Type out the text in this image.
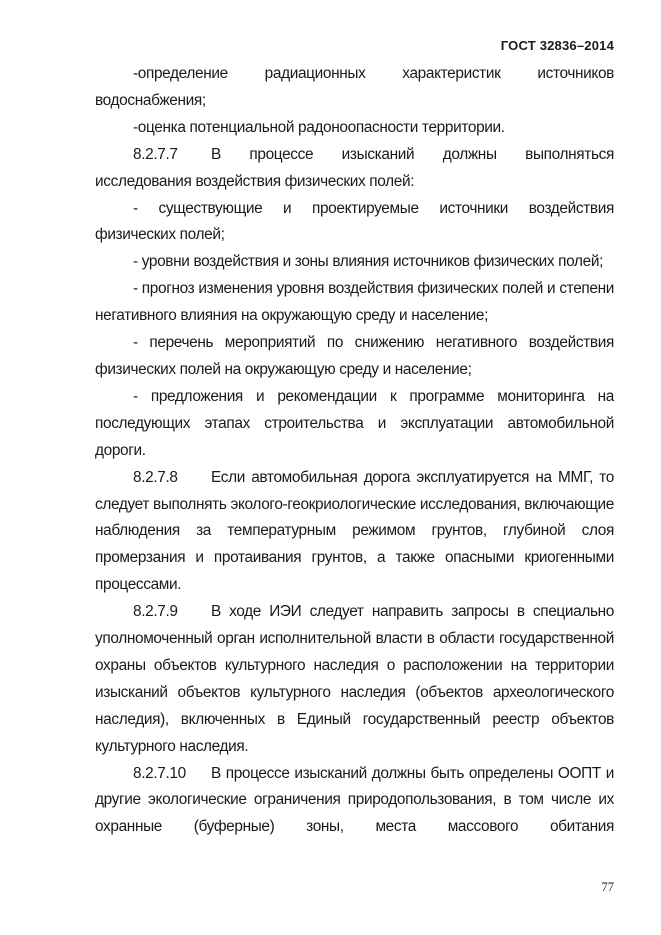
ГОСТ 32836–2014

-определение радиационных характеристик источников водоснабжения;

-оценка потенциальной радоноопасности территории.

8.2.7.7 В процессе изысканий должны выполняться исследования воздействия физических полей:

- существующие и проектируемые источники воздействия физических полей;

- уровни воздействия и зоны влияния источников физических полей;

- прогноз изменения уровня воздействия физических полей и степени негативного влияния на окружающую среду и население;

- перечень мероприятий по снижению негативного воздействия физических полей на окружающую среду и население;

- предложения и рекомендации к программе мониторинга на последующих этапах строительства и эксплуатации автомобильной дороги.

8.2.7.8 Если автомобильная дорога эксплуатируется на ММГ, то следует выполнять эколого-геокриологические исследования, включающие наблюдения за температурным режимом грунтов, глубиной слоя промерзания и протаивания грунтов, а также опасными криогенными процессами.

8.2.7.9 В ходе ИЭИ следует направить запросы в специально уполномоченный орган исполнительной власти в области государственной охраны объектов культурного наследия о расположении на территории изысканий объектов культурного наследия (объектов археологического наследия), включенных в Единый государственный реестр объектов культурного наследия.

8.2.7.10 В процессе изысканий должны быть определены ООПТ и другие экологические ограничения природопользования, в том числе их охранные (буферные) зоны, места массового обитания

77
